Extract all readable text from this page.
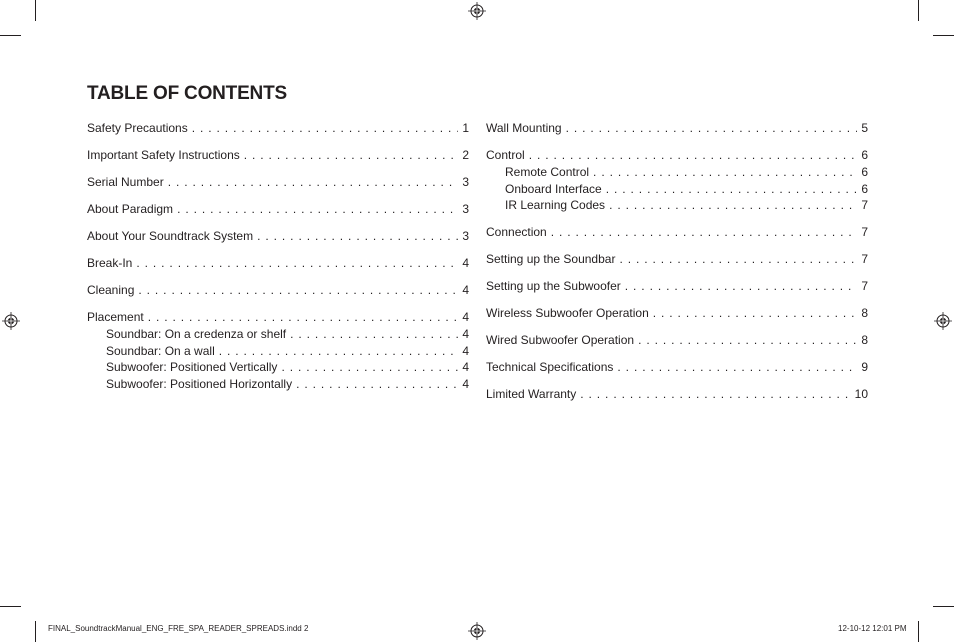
TABLE OF CONTENTS
Safety Precautions . . .	1
Important Safety Instructions . . .	2
Serial Number . . .	3
About Paradigm . . .	3
About Your Soundtrack System . . .	3
Break-In . . .	4
Cleaning . . .	4
Placement . . .	4
Soundbar: On a credenza or shelf . . .	4
Soundbar: On a wall . . .	4
Subwoofer: Positioned Vertically . . .	4
Subwoofer: Positioned Horizontally . . .	4
Wall Mounting . . .	5
Control . . .	6
Remote Control . . .	6
Onboard Interface . . .	6
IR Learning Codes . . .	7
Connection . . .	7
Setting up the Soundbar . . .	7
Setting up the Subwoofer . . .	7
Wireless Subwoofer Operation . . .	8
Wired Subwoofer Operation . . .	8
Technical Specifications . . .	9
Limited Warranty . . .	10
FINAL_SoundtrackManual_ENG_FRE_SPA_READER_SPREADS.indd 2	12-10-12 12:01 PM
